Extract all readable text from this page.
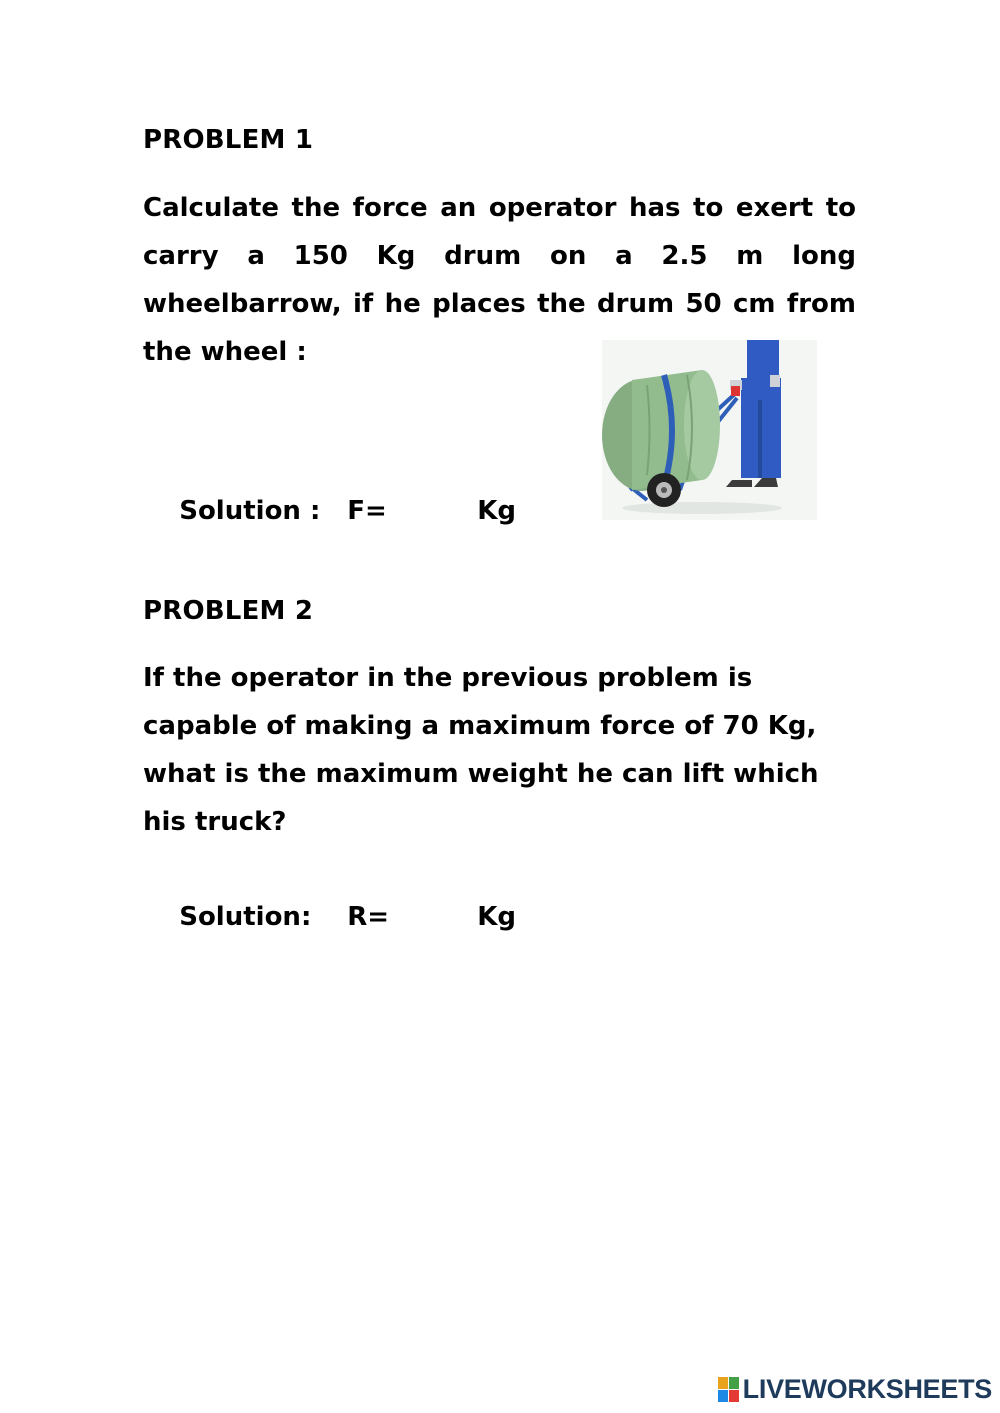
PROBLEM 1
Calculate the force an operator has to exert to
carry a 150 Kg drum on a 2.5 m long
wheelbarrow, if he places the drum 50 cm from
the wheel :

Solution : F=	Kg

PROBLEM 2
If the operator in the previous problem is
capable of making a maximum force of 70 Kg,
what is the maximum weight he can lift which
his truck?

Solution: R=	Kg

LIVEWORKSHEETS
